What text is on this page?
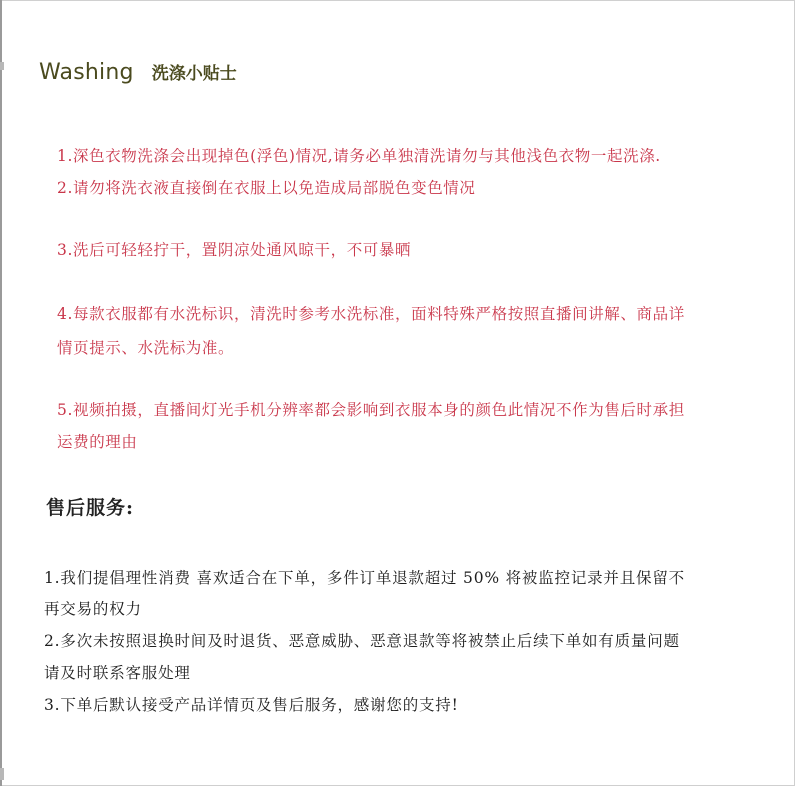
Washing 洗涤小贴士
1.深色衣物洗涤会出现掉色(浮色)情况,请务必单独清洗请勿与其他浅色衣物一起洗涤.
2.请勿将洗衣液直接倒在衣服上以免造成局部脱色变色情况
3.洗后可轻轻拧干，置阴凉处通风晾干，不可暴晒
4.每款衣服都有水洗标识，清洗时参考水洗标准，面料特殊严格按照直播间讲解、商品详
情页提示、水洗标为准。
5.视频拍摄，直播间灯光手机分辨率都会影响到衣服本身的颜色此情况不作为售后时承担
运费的理由
售后服务:
1.我们提倡理性消费 喜欢适合在下单，多件订单退款超过 50% 将被监控记录并且保留不
再交易的权力
2.多次未按照退换时间及时退货、恶意威胁、恶意退款等将被禁止后续下单如有质量问题
请及时联系客服处理
3.下单后默认接受产品详情页及售后服务，感谢您的支持!
